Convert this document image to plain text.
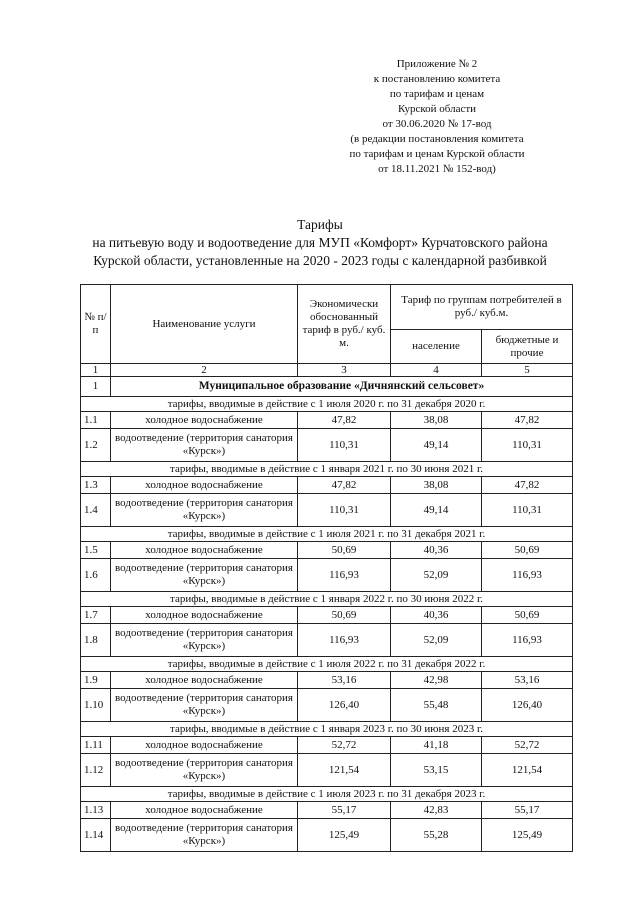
Приложение № 2
к постановлению комитета
по тарифам и ценам
Курской области
от 30.06.2020 № 17-вод
(в редакции постановления комитета
по тарифам и ценам Курской области
от 18.11.2021 № 152-вод)
Тарифы
на питьевую воду и водоотведение для МУП «Комфорт» Курчатовского района
Курской области, установленные на 2020 - 2023 годы с календарной разбивкой
№ п/п	Наименование услуги	Экономически обоснованный тариф в руб./ куб. м.	Тариф по группам потребителей в руб./ куб.м.	
			население	бюджетные и прочие
1	2	3	4	5
1	Муниципальное образование «Дичнянский сельсовет»			
тарифы, вводимые в действие с 1 июля 2020 г. по 31 декабря 2020 г.				
1.1	холодное водоснабжение	47,82	38,08	47,82
1.2	водоотведение (территория санатория «Курск»)	110,31	49,14	110,31
тарифы, вводимые в действие с 1 января 2021 г. по 30 июня 2021 г.				
1.3	холодное водоснабжение	47,82	38,08	47,82
1.4	водоотведение (территория санатория «Курск»)	110,31	49,14	110,31
тарифы, вводимые в действие с 1 июля 2021 г. по 31 декабря 2021 г.				
1.5	холодное водоснабжение	50,69	40,36	50,69
1.6	водоотведение (территория санатория «Курск»)	116,93	52,09	116,93
тарифы, вводимые в действие с 1 января 2022 г. по 30 июня 2022 г.				
1.7	холодное водоснабжение	50,69	40,36	50,69
1.8	водоотведение (территория санатория «Курск»)	116,93	52,09	116,93
тарифы, вводимые в действие с 1 июля 2022 г. по 31 декабря 2022 г.				
1.9	холодное водоснабжение	53,16	42,98	53,16
1.10	водоотведение (территория санатория «Курск»)	126,40	55,48	126,40
тарифы, вводимые в действие с 1 января 2023 г. по 30 июня 2023 г.				
1.11	холодное водоснабжение	52,72	41,18	52,72
1.12	водоотведение (территория санатория «Курск»)	121,54	53,15	121,54
тарифы, вводимые в действие с 1 июля 2023 г. по 31 декабря 2023 г.				
1.13	холодное водоснабжение	55,17	42,83	55,17
1.14	водоотведение (территория санатория «Курск»)	125,49	55,28	125,49
